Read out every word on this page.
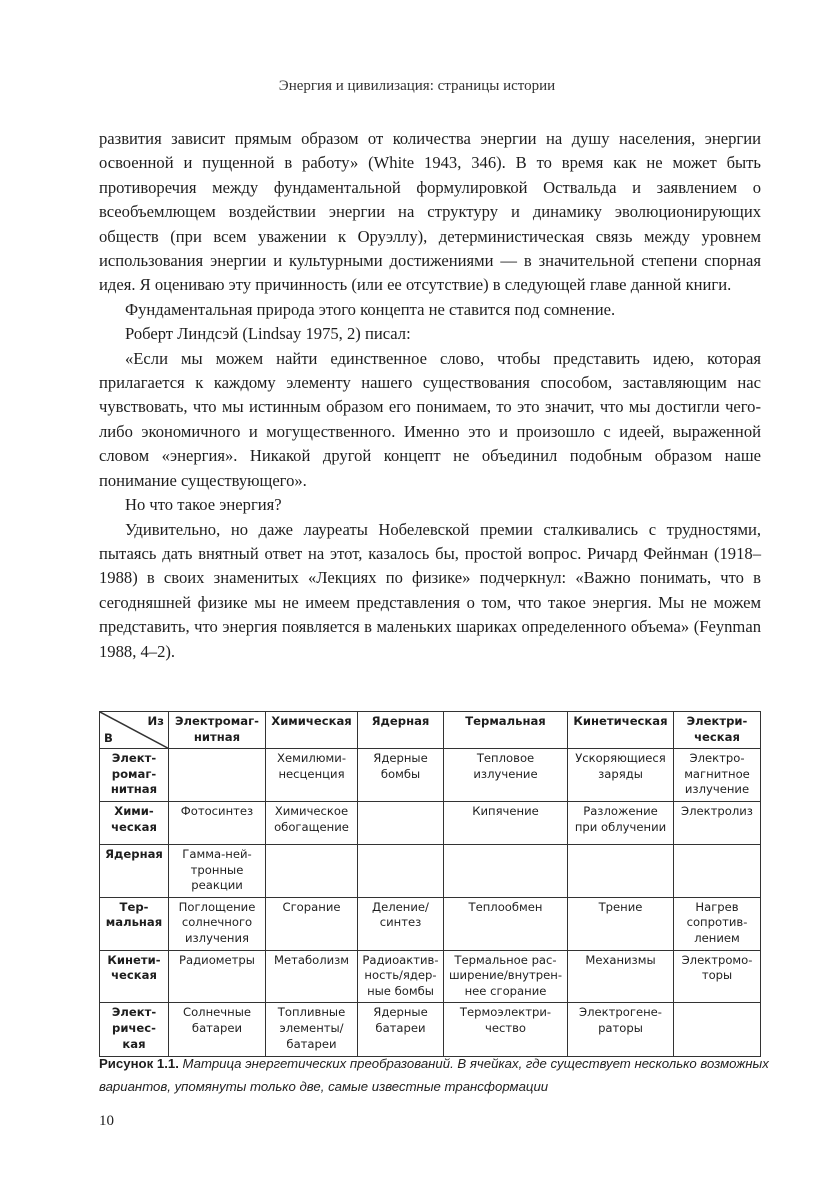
Энергия и цивилизация: страницы истории

развития зависит прямым образом от количества энергии на душу населения, энергии освоенной и пущенной в работу» (White 1943, 346). В то время как не может быть противоречия между фундаментальной формулировкой Оствальда и заявлением о всеобъемлющем воздействии энергии на структуру и динамику эволюционирующих обществ (при всем уважении к Оруэллу), детерминистическая связь между уровнем использования энергии и культурными достижениями — в значительной степени спорная идея. Я оцениваю эту причинность (или ее отсутствие) в следующей главе данной книги.

Фундаментальная природа этого концепта не ставится под сомнение.

Роберт Линдсэй (Lindsay 1975, 2) писал:

«Если мы можем найти единственное слово, чтобы представить идею, которая прилагается к каждому элементу нашего существования способом, заставляющим нас чувствовать, что мы истинным образом его понимаем, то это значит, что мы достигли чего-либо экономичного и могущественного. Именно это и произошло с идеей, выраженной словом «энергия». Никакой другой концепт не объединил подобным образом наше понимание существующего».

Но что такое энергия?

Удивительно, но даже лауреаты Нобелевской премии сталкивались с трудностями, пытаясь дать внятный ответ на этот, казалось бы, простой вопрос. Ричард Фейнман (1918–1988) в своих знаменитых «Лекциях по физике» подчеркнул: «Важно понимать, что в сегодняшней физике мы не имеем представления о том, что такое энергия. Мы не можем представить, что энергия появляется в маленьких шариках определенного объема» (Feynman 1988, 4–2).

Из
В	Электромагнитная	Химическая	Ядерная	Термальная	Кинетическая	Электрическая
Электромагнитная		Хемилюминесценция	Ядерные бомбы	Тепловое излучение	Ускоряющиеся заряды	Электромагнитное излучение
Химическая	Фотосинтез	Химическое обогащение		Кипячение	Разложение при облучении	Электролиз
Ядерная	Гамма-нейтронные реакции					
Термальная	Поглощение солнечного излучения	Сгорание	Деление/ синтез	Теплообмен	Трение	Нагрев сопротивлением
Кинетическая	Радиометры	Метаболизм	Радиоактивность/ядерные бомбы	Термальное расширение/внутреннее сгорание	Механизмы	Электромоторы
Электрическая	Солнечные батареи	Топливные элементы/ батареи	Ядерные батареи	Термоэлектричество	Электрогенераторы	
Рисунок 1.1. Матрица энергетических преобразований. В ячейках, где существует несколько возможных вариантов, упомянуты только две, самые известные трансформации
10
